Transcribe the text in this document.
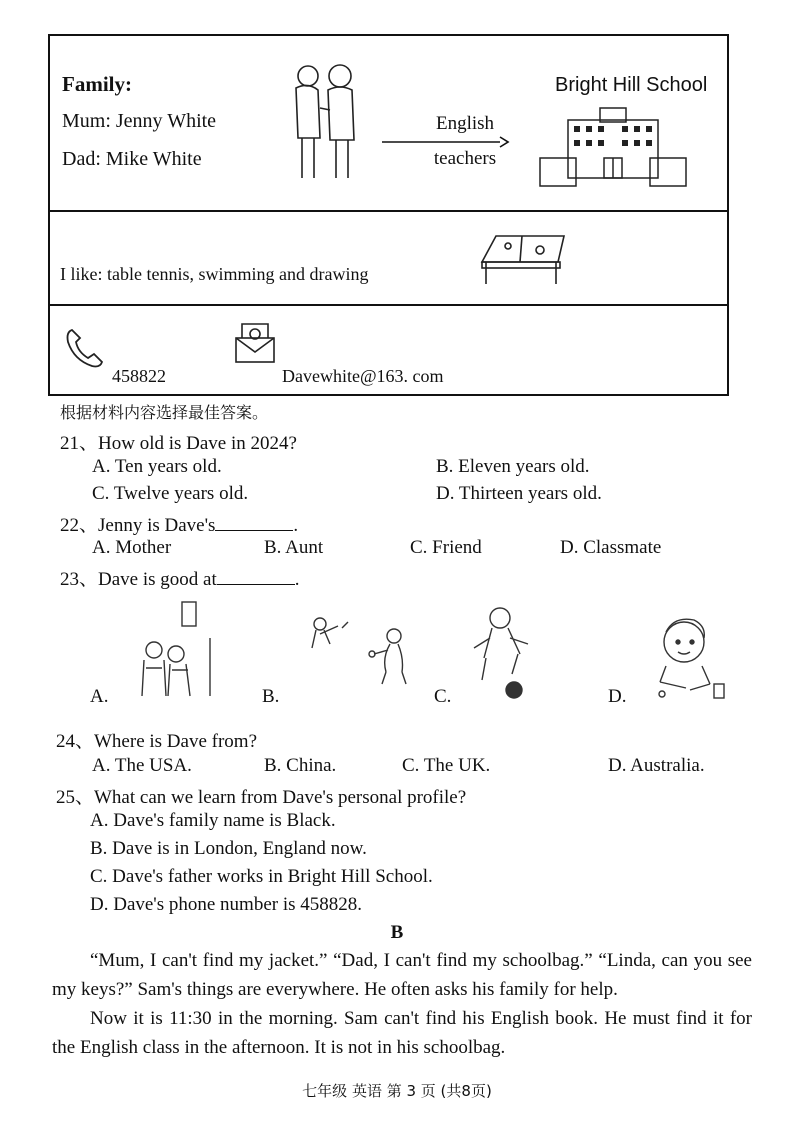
Family:
Mum: Jenny White
Dad: Mike White
English
teachers
Bright Hill School
I like: table tennis, swimming and drawing
458822	Davewhite@163. com
根据材料内容选择最佳答案。
21、How old is Dave in 2024?
A. Ten years old.	B. Eleven years old.
C. Twelve years old.	D. Thirteen years old.
22、Jenny is Dave's	.
A. Mother	B. Aunt	C. Friend	D. Classmate
23、Dave is good at	.
A.	B.	C.	D.
24、Where is Dave from?
A. The USA.	B. China.	C. The UK.	D. Australia.
25、What can we learn from Dave's personal profile?
A. Dave's family name is Black.
B. Dave is in London, England now.
C. Dave's father works in Bright Hill School.
D. Dave's phone number is 458828.
B
“Mum, I can't find my jacket.” “Dad, I can't find my schoolbag.” “Linda, can you see my keys?” Sam's things are everywhere. He often asks his family for help.
Now it is 11:30 in the morning. Sam can't find his English book. He must find it for the English class in the afternoon. It is not in his schoolbag.
七年级 英语 第 3 页 (共8页)
